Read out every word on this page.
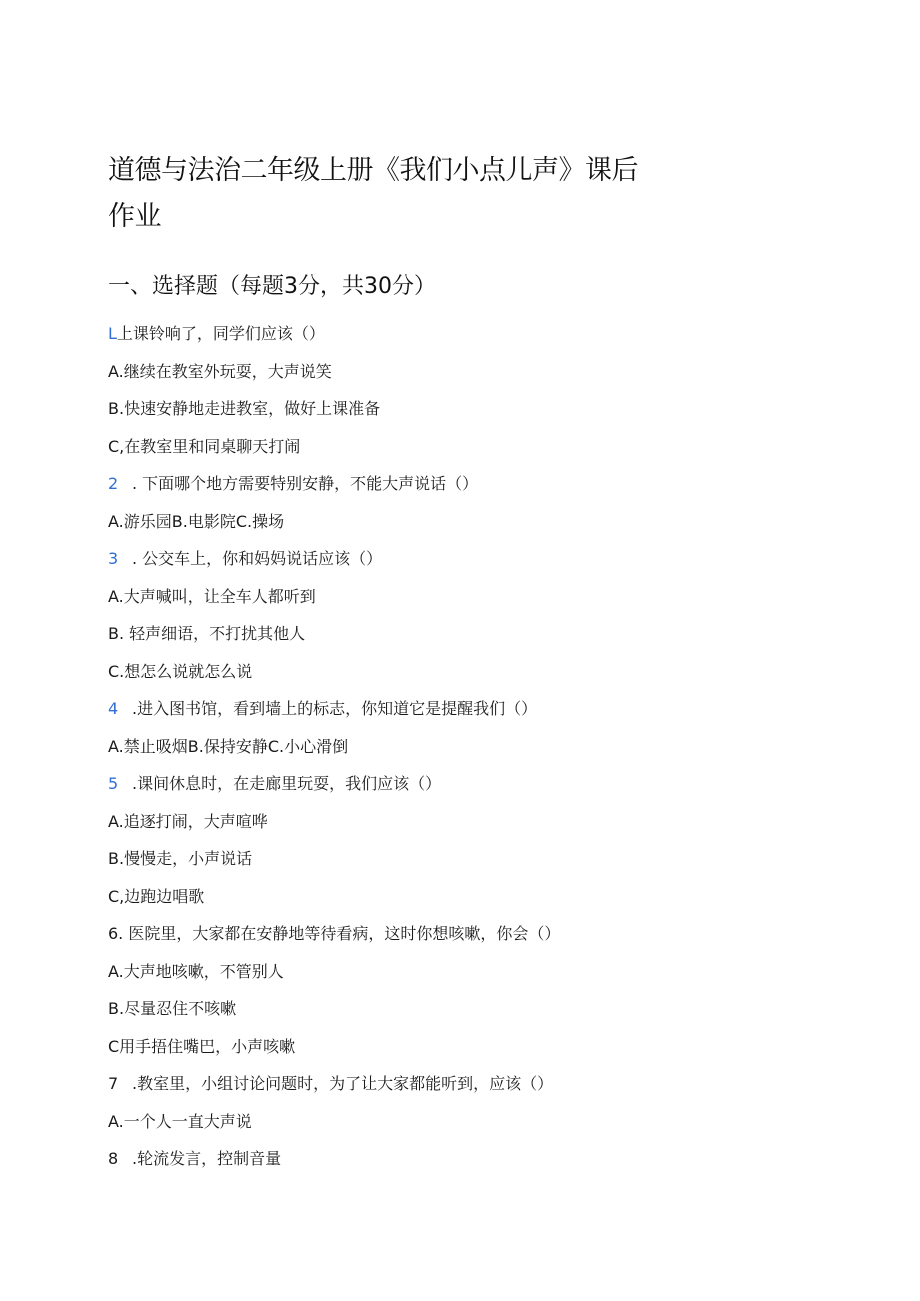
道德与法治二年级上册《我们小点儿声》课后
作业
一、选择题（每题3分，共30分）
L 上课铃响了，同学们应该（）
A.继续在教室外玩耍，大声说笑
B.快速安静地走进教室，做好上课准备
C,在教室里和同桌聊天打闹
2 . 下面哪个地方需要特别安静，不能大声说话（）
A.游乐园B.电影院C.操场
3 . 公交车上，你和妈妈说话应该（）
A.大声喊叫，让全车人都听到
B. 轻声细语，不打扰其他人
C.想怎么说就怎么说
4 .进入图书馆，看到墙上的标志，你知道它是提醒我们（）
A.禁止吸烟B.保持安静C.小心滑倒
5 .课间休息时，在走廊里玩耍，我们应该（）
A.追逐打闹，大声喧哗
B.慢慢走，小声说话
C,边跑边唱歌
6. 医院里，大家都在安静地等待看病，这时你想咳嗽，你会（）
A.大声地咳嗽，不管别人
B.尽量忍住不咳嗽
C用手捂住嘴巴，小声咳嗽
7 .教室里，小组讨论问题时，为了让大家都能听到，应该（）
A.一个人一直大声说
8 .轮流发言，控制音量
